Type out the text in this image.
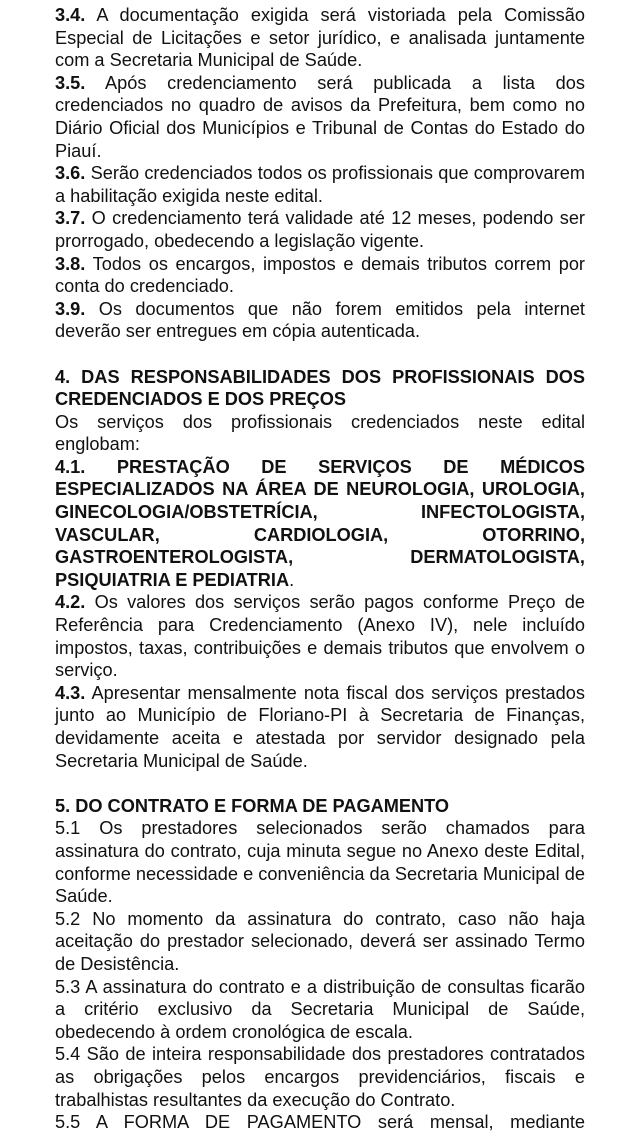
3.4. A documentação exigida será vistoriada pela Comissão Especial de Licitações e setor jurídico, e analisada juntamente com a Secretaria Municipal de Saúde.

3.5. Após credenciamento será publicada a lista dos credenciados no quadro de avisos da Prefeitura, bem como no Diário Oficial dos Municípios e Tribunal de Contas do Estado do Piauí.

3.6. Serão credenciados todos os profissionais que comprovarem a habilitação exigida neste edital.

3.7. O credenciamento terá validade até 12 meses, podendo ser prorrogado, obedecendo a legislação vigente.

3.8. Todos os encargos, impostos e demais tributos correm por conta do credenciado.

3.9. Os documentos que não forem emitidos pela internet deverão ser entregues em cópia autenticada.

4. DAS RESPONSABILIDADES DOS PROFISSIONAIS DOS CREDENCIADOS E DOS PREÇOS

Os serviços dos profissionais credenciados neste edital englobam:

4.1. PRESTAÇÃO DE SERVIÇOS DE MÉDICOS ESPECIALIZADOS NA ÁREA DE NEUROLOGIA, UROLOGIA, GINECOLOGIA/OBSTETRÍCIA, INFECTOLOGISTA, VASCULAR, CARDIOLOGIA, OTORRINO, GASTROENTEROLOGISTA, DERMATOLOGISTA, PSIQUIATRIA E PEDIATRIA.

4.2. Os valores dos serviços serão pagos conforme Preço de Referência para Credenciamento (Anexo IV), nele incluído impostos, taxas, contribuições e demais tributos que envolvem o serviço.

4.3. Apresentar mensalmente nota fiscal dos serviços prestados junto ao Município de Floriano-PI à Secretaria de Finanças, devidamente aceita e atestada por servidor designado pela Secretaria Municipal de Saúde.

5. DO CONTRATO E FORMA DE PAGAMENTO

5.1 Os prestadores selecionados serão chamados para assinatura do contrato, cuja minuta segue no Anexo deste Edital, conforme necessidade e conveniência da Secretaria Municipal de Saúde.

5.2 No momento da assinatura do contrato, caso não haja aceitação do prestador selecionado, deverá ser assinado Termo de Desistência.

5.3 A assinatura do contrato e a distribuição de consultas ficarão a critério exclusivo da Secretaria Municipal de Saúde, obedecendo à ordem cronológica de escala.

5.4 São de inteira responsabilidade dos prestadores contratados as obrigações pelos encargos previdenciários, fiscais e trabalhistas resultantes da execução do Contrato.

5.5 A FORMA DE PAGAMENTO será mensal, mediante
